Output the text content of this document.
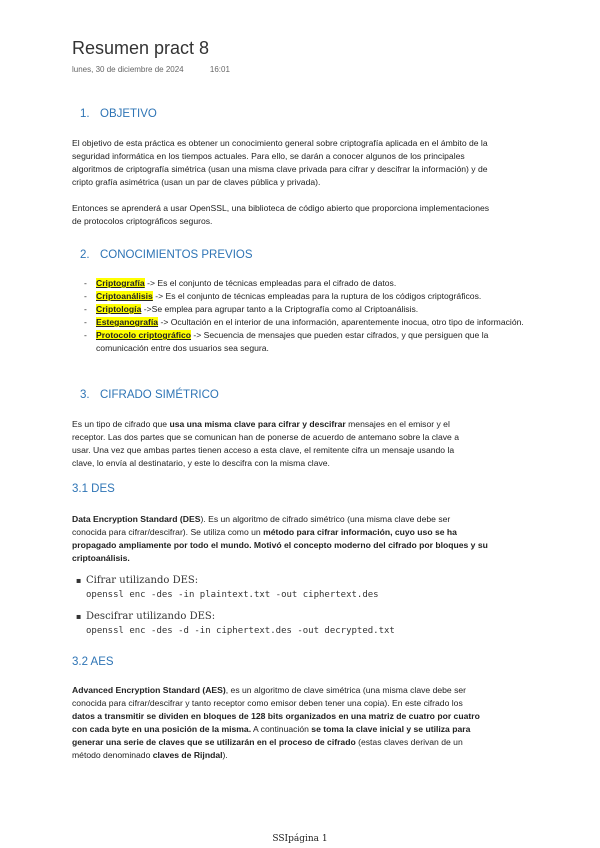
Resumen pract 8
lunes, 30 de diciembre de 2024	16:01
1. OBJETIVO
El objetivo de esta práctica es obtener un conocimiento general sobre criptografía aplicada en el ámbito de la
seguridad informática en los tiempos actuales. Para ello, se darán a conocer algunos de los principales
algoritmos de criptografía simétrica (usan una misma clave privada para cifrar y descifrar la información) y de
cripto grafía asimétrica (usan un par de claves pública y privada).
Entonces se aprenderá a usar OpenSSL, una biblioteca de código abierto que proporciona implementaciones
de protocolos criptográficos seguros.
2. CONOCIMIENTOS PREVIOS
- Criptografía -> Es el conjunto de técnicas empleadas para el cifrado de datos.
- Criptoanálisis -> Es el conjunto de técnicas empleadas para la ruptura de los códigos criptográficos.
- Criptología ->Se emplea para agrupar tanto a la Criptografía como al Criptoanálisis.
- Esteganografía -> Ocultación en el interior de una información, aparentemente inocua, otro tipo de información.
- Protocolo criptográfico -> Secuencia de mensajes que pueden estar cifrados, y que persiguen que la
comunicación entre dos usuarios sea segura.
3. CIFRADO SIMÉTRICO
Es un tipo de cifrado que usa una misma clave para cifrar y descifrar mensajes en el emisor y el
receptor. Las dos partes que se comunican han de ponerse de acuerdo de antemano sobre la clave a
usar. Una vez que ambas partes tienen acceso a esta clave, el remitente cifra un mensaje usando la
clave, lo envía al destinatario, y este lo descifra con la misma clave.
3.1 DES
Data Encryption Standard (DES). Es un algoritmo de cifrado simétrico (una misma clave debe ser
conocida para cifrar/descifrar). Se utiliza como un método para cifrar información, cuyo uso se ha
propagado ampliamente por todo el mundo. Motivó el concepto moderno del cifrado por bloques y su
criptoanálisis.
▪ Cifrar utilizando DES:
openssl enc -des -in plaintext.txt -out ciphertext.des
▪ Descifrar utilizando DES:
openssl enc -des -d -in ciphertext.des -out decrypted.txt
3.2 AES
Advanced Encryption Standard (AES), es un algoritmo de clave simétrica (una misma clave debe ser
conocida para cifrar/descifrar y tanto receptor como emisor deben tener una copia). En este cifrado los
datos a transmitir se dividen en bloques de 128 bits organizados en una matriz de cuatro por cuatro
con cada byte en una posición de la misma. A continuación se toma la clave inicial y se utiliza para
generar una serie de claves que se utilizarán en el proceso de cifrado (estas claves derivan de un
método denominado claves de Rijndal).
SSIpágina 1
